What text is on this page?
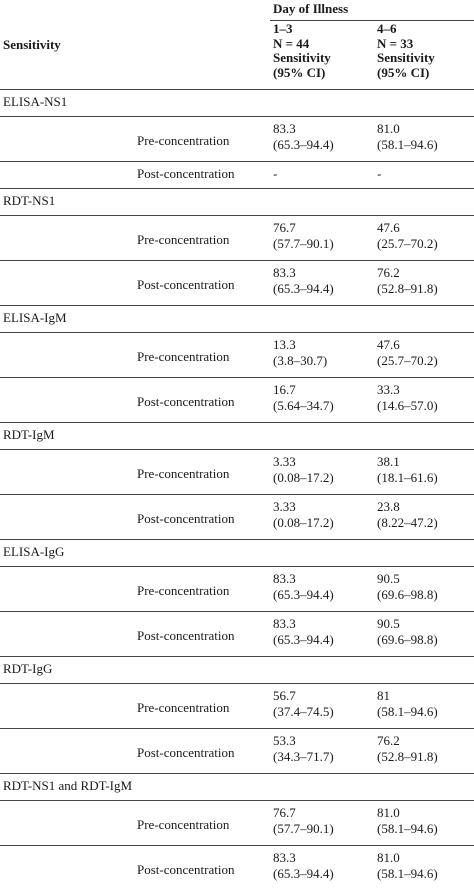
Sensitivity		Day of Illness	

		1–3
N = 44
Sensitivity
(95% CI)	4–6
N = 33
Sensitivity
(95% CI)

ELISA-NS1			
	Pre-concentration	83.3
(65.3–94.4)	81.0
(58.1–94.6)

	Post-concentration	-	-

RDT-NS1			
	Pre-concentration	76.7
(57.7–90.1)	47.6
(25.7–70.2)

	Post-concentration	83.3
(65.3–94.4)	76.2
(52.8–91.8)

ELISA-IgM			
	Pre-concentration	13.3
(3.8–30.7)	47.6
(25.7–70.2)

	Post-concentration	16.7
(5.64–34.7)	33.3
(14.6–57.0)

RDT-IgM			
	Pre-concentration	3.33
(0.08–17.2)	38.1
(18.1–61.6)

	Post-concentration	3.33
(0.08–17.2)	23.8
(8.22–47.2)

ELISA-IgG			
	Pre-concentration	83.3
(65.3–94.4)	90.5
(69.6–98.8)

	Post-concentration	83.3
(65.3–94.4)	90.5
(69.6–98.8)

RDT-IgG			
	Pre-concentration	56.7
(37.4–74.5)	81
(58.1–94.6)

	Post-concentration	53.3
(34.3–71.7)	76.2
(52.8–91.8)

RDT-NS1 and RDT-IgM			
	Pre-concentration	76.7
(57.7–90.1)	81.0
(58.1–94.6)

	Post-concentration	83.3
(65.3–94.4)	81.0
(58.1–94.6)
